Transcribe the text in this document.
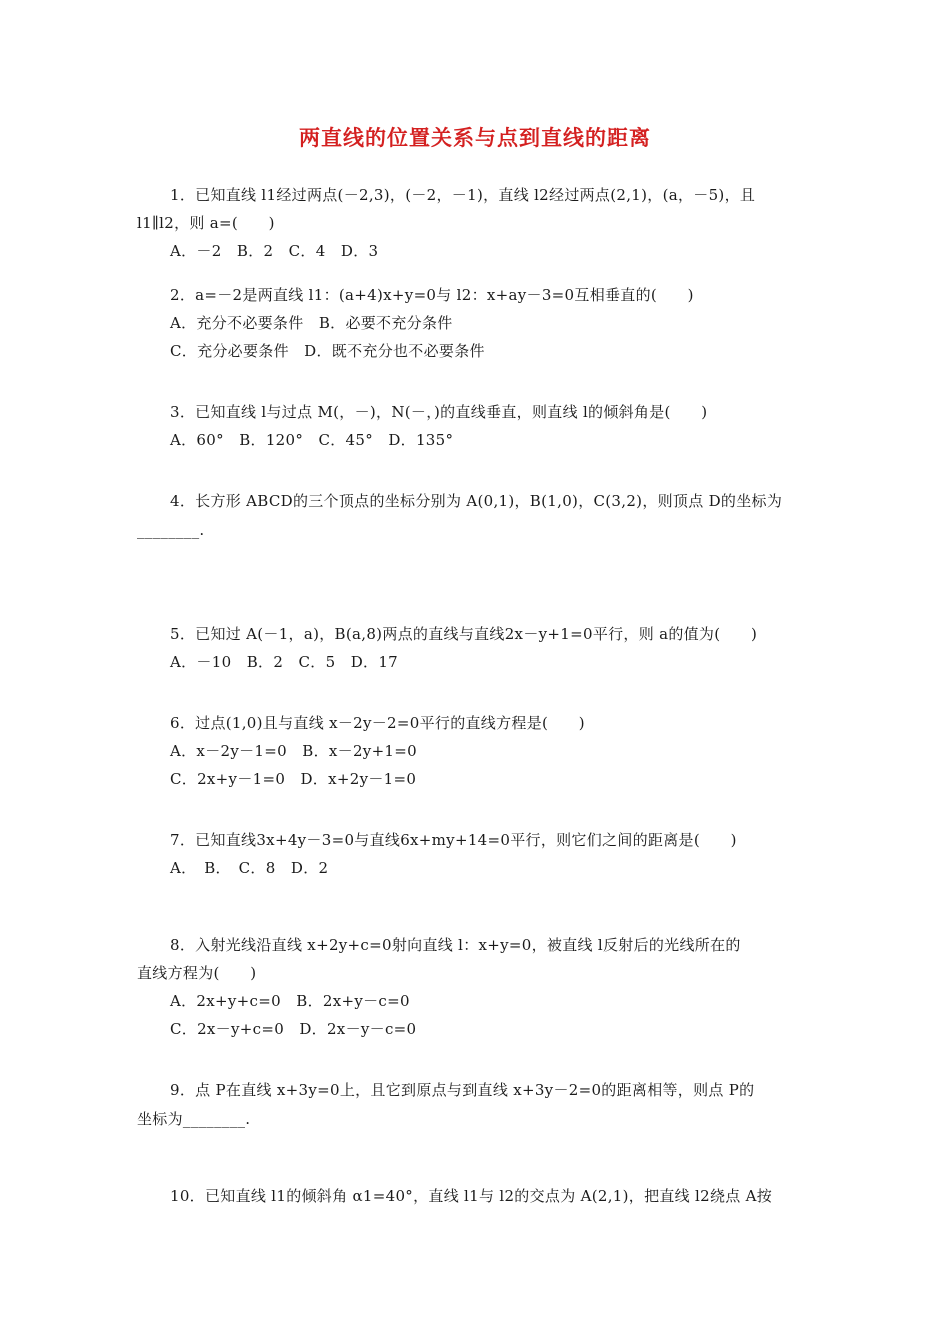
两直线的位置关系与点到直线的距离
1．已知直线 l1经过两点(－2,3)，(－2，－1)，直线 l2经过两点(2,1)，(a，－5)，且
l1∥l2，则 a=(　　)
A．－2　B．2　C．4　D．3
2．a=－2是两直线 l1：(a+4)x+y=0与 l2：x+ay－3=0互相垂直的(　　)
A．充分不必要条件　B．必要不充分条件
C．充分必要条件　D．既不充分也不必要条件
3．已知直线 l与过点 M(，－)，N(－，)的直线垂直，则直线 l的倾斜角是(　　)
A．60°　B．120°　C．45°　D．135°
4．长方形 ABCD的三个顶点的坐标分别为 A(0,1)，B(1,0)，C(3,2)，则顶点 D的坐标为
________.
5．已知过 A(－1，a)，B(a,8)两点的直线与直线2x－y+1=0平行，则 a的值为(　　)
A．－10　B．2　C．5　D．17
6．过点(1,0)且与直线 x－2y－2=0平行的直线方程是(　　)
A．x－2y－1=0　B．x－2y+1=0
C．2x+y－1=0　D．x+2y－1=0
7．已知直线3x+4y－3=0与直线6x+my+14=0平行，则它们之间的距离是(　　)
A．　B．　C．8　D．2
8．入射光线沿直线 x+2y+c=0射向直线 l：x+y=0，被直线 l反射后的光线所在的
直线方程为(　　)
A．2x+y+c=0　B．2x+y－c=0
C．2x－y+c=0　D．2x－y－c=0
9．点 P在直线 x+3y=0上，且它到原点与到直线 x+3y－2=0的距离相等，则点 P的
坐标为________.
10．已知直线 l1的倾斜角 α1=40°，直线 l1与 l2的交点为 A(2,1)，把直线 l2绕点 A按
